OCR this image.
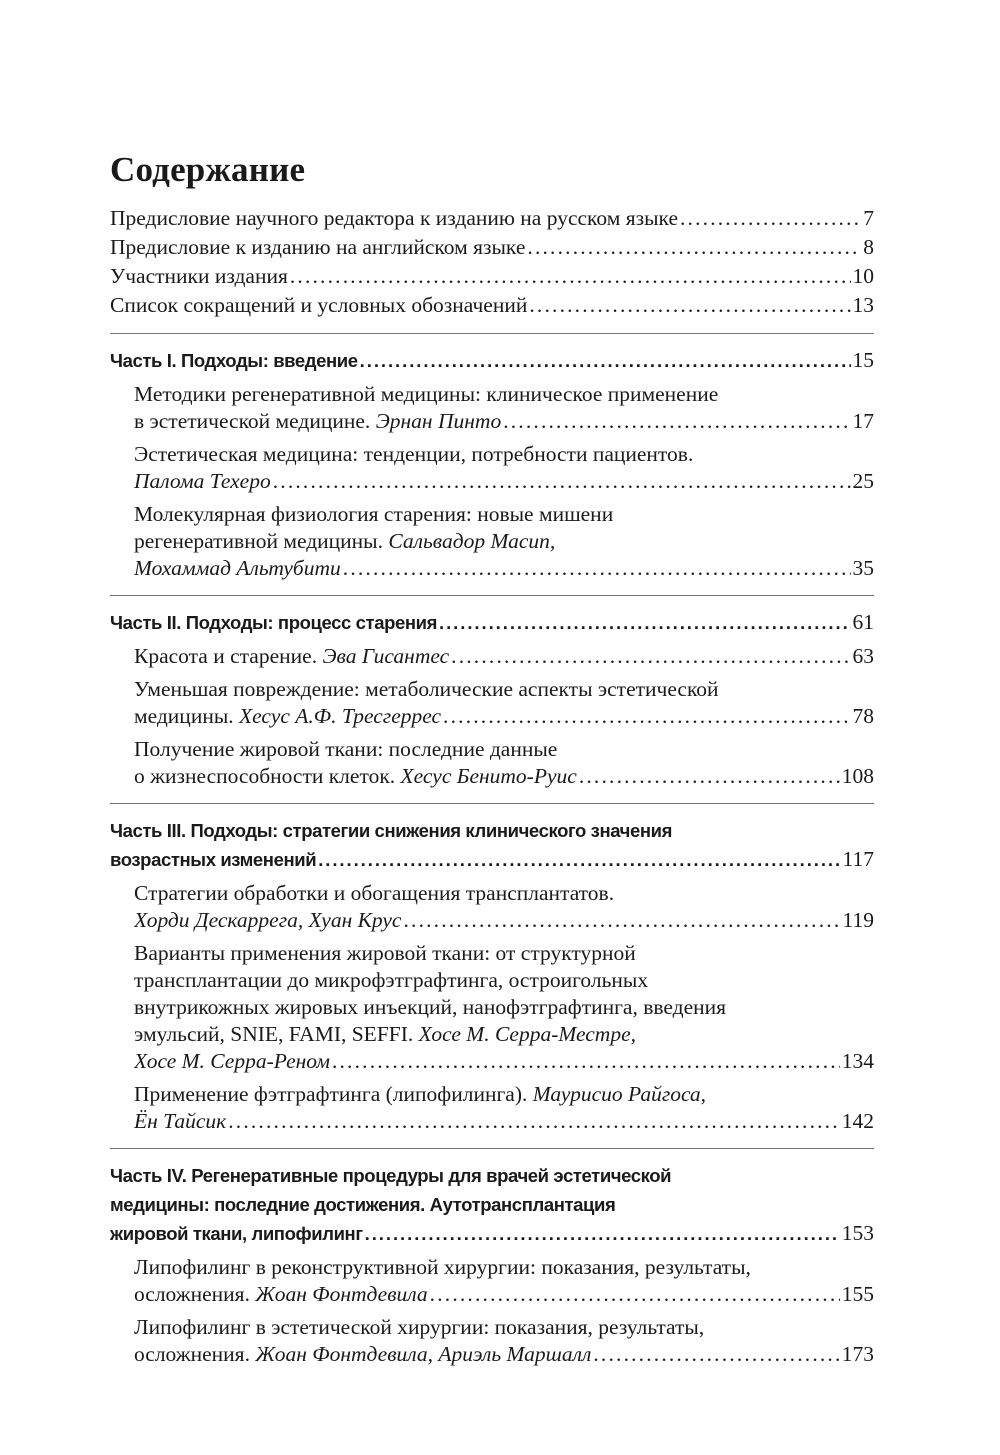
Содержание
Предисловие научного редактора к изданию на русском языке . . .	7
Предисловие к изданию на английском языке . . .	8
Участники издания . . .	10
Список сокращений и условных обозначений . . .	13
Часть I. Подходы: введение . . .	15
Методики регенеративной медицины: клиническое применение
в эстетической медицине. Эрнан Пинто . . .	17
Эстетическая медицина: тенденции, потребности пациентов.
Палома Техеро . . .	25
Молекулярная физиология старения: новые мишени
регенеративной медицины. Сальвадор Масип,
Мохаммад Альтубити . . .	35
Часть II. Подходы: процесс старения . . .	61
Красота и старение. Эва Гисантес . . .	63
Уменьшая повреждение: метаболические аспекты эстетической
медицины. Хесус А.Ф. Тресгеррес . . .	78
Получение жировой ткани: последние данные
о жизнеспособности клеток. Хесус Бенито-Руис . . .	108
Часть III. Подходы: стратегии снижения клинического значения
возрастных изменений . . .	117
Стратегии обработки и обогащения трансплантатов.
Хорди Дескаррега, Хуан Крус . . .	119
Варианты применения жировой ткани: от структурной
трансплантации до микрофэтграфтинга, остроигольных
внутрикожных жировых инъекций, нанофэтграфтинга, введения
эмульсий, SNIE, FAMI, SEFFI. Хосе М. Серра-Местре,
Хосе М. Серра-Реном . . .	134
Применение фэтграфтинга (липофилинга). Маурисио Райгоса,
Ён Тайсик . . .	142
Часть IV. Регенеративные процедуры для врачей эстетической
медицины: последние достижения. Аутотрансплантация
жировой ткани, липофилинг . . .	153
Липофилинг в реконструктивной хирургии: показания, результаты,
осложнения. Жоан Фонтдевила . . .	155
Липофилинг в эстетической хирургии: показания, результаты,
осложнения. Жоан Фонтдевила, Ариэль Маршалл . . .	173
